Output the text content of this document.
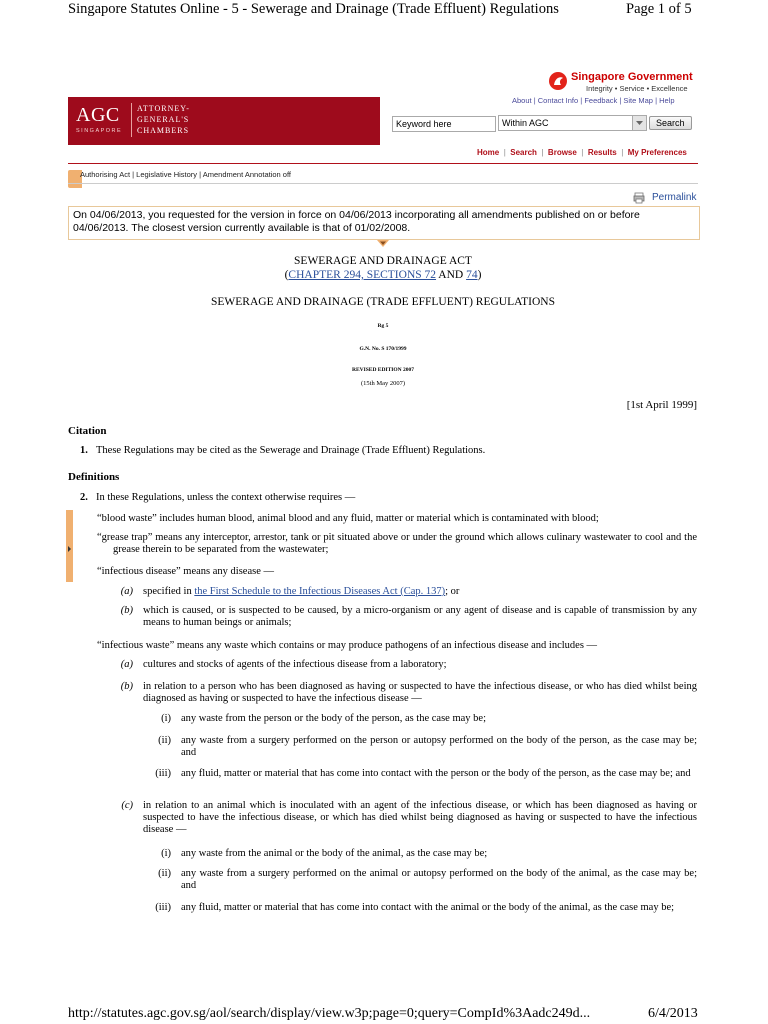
Singapore Statutes Online - 5 - Sewerage and Drainage (Trade Effluent) Regulations	Page 1 of 5
Singapore Government
Integrity • Service • Excellence
About | Contact Info | Feedback | Site Map | Help
AGC
SINGAPORE
ATTORNEY-
GENERAL'S
CHAMBERS
Keyword here	Within AGC	Search
Home  |  Search  |  Browse  |  Results  |  My Preferences
Authorising Act | Legislative History | Amendment Annotation off
Permalink
On 04/06/2013, you requested for the version in force on 04/06/2013 incorporating all amendments published on or before 04/06/2013. The closest version currently available is that of 01/02/2008.
SEWERAGE AND DRAINAGE ACT
(CHAPTER 294, SECTIONS 72 AND 74)
SEWERAGE AND DRAINAGE (TRADE EFFLUENT) REGULATIONS
Rg 5
G.N. No. S 170/1999
REVISED EDITION 2007
(15th May 2007)
[1st April 1999]
Citation
1. These Regulations may be cited as the Sewerage and Drainage (Trade Effluent) Regulations.
Definitions
2. In these Regulations, unless the context otherwise requires —
“blood waste” includes human blood, animal blood and any fluid, matter or material which is contaminated with blood;
“grease trap” means any interceptor, arrestor, tank or pit situated above or under the ground which allows culinary wastewater to cool and the grease therein to be separated from the wastewater;
“infectious disease” means any disease —
(a) specified in the First Schedule to the Infectious Diseases Act (Cap. 137); or
(b) which is caused, or is suspected to be caused, by a micro-organism or any agent of disease and is capable of transmission by any means to human beings or animals;
“infectious waste” means any waste which contains or may produce pathogens of an infectious disease and includes —
(a) cultures and stocks of agents of the infectious disease from a laboratory;
(b) in relation to a person who has been diagnosed as having or suspected to have the infectious disease, or who has died whilst being diagnosed as having or suspected to have the infectious disease —
(i) any waste from the person or the body of the person, as the case may be;
(ii) any waste from a surgery performed on the person or autopsy performed on the body of the person, as the case may be; and
(iii) any fluid, matter or material that has come into contact with the person or the body of the person, as the case may be; and
(c) in relation to an animal which is inoculated with an agent of the infectious disease, or which has been diagnosed as having or suspected to have the infectious disease, or which has died whilst being diagnosed as having or suspected to have the infectious disease —
(i) any waste from the animal or the body of the animal, as the case may be;
(ii) any waste from a surgery performed on the animal or autopsy performed on the body of the animal, as the case may be; and
(iii) any fluid, matter or material that has come into contact with the animal or the body of the animal, as the case may be;
http://statutes.agc.gov.sg/aol/search/display/view.w3p;page=0;query=CompId%3Aadc249d...	6/4/2013
